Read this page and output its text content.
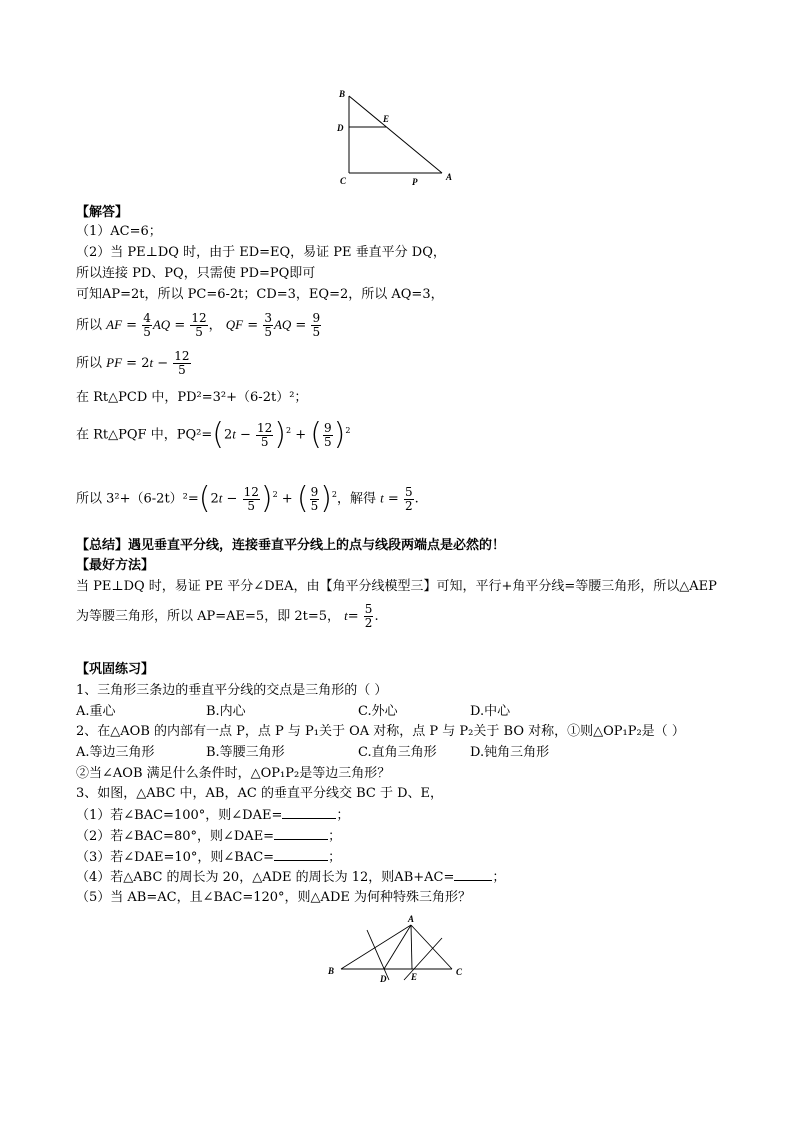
B
D
E
C	P	A
【解答】
（1）AC=6；
（2）当 PE⊥DQ 时，由于 ED=EQ，易证 PE 垂直平分 DQ，
所以连接 PD、PQ，只需使 PD=PQ即可
可知AP=2t，所以 PC=6-2t；CD=3，EQ=2，所以 AQ=3，
所以 AF = $\frac{4}{5}$ AQ = $\frac{12}{5}$ ， QF = $\frac{3}{5}$ AQ = $\frac{9}{5}$
所以 PF = $2t - \frac{12}{5}$
在 Rt△PCD 中，PD²=3²+（6-2t）²；
在 Rt△PQF 中，$PQ^2=(2t - \frac{12}{5} )^2$ + ( $\frac{9}{5} )^2$
所以 $3^2+(6-2t)^2=(2t - \frac{12}{5} )^2$ + ( $\frac{9}{5} )^2$，解得 $t = \frac{5}{2}$ .
【总结】遇见垂直平分线，连接垂直平分线上的点与线段两端点是必然的！
【最好方法】
当 PE⊥DQ 时，易证 PE 平分∠DEA，由【角平分线模型三】可知，平行+角平分线=等腰三角形，所以△AEP
为等腰三角形，所以 AP=AE=5，即 2t=5， $t= \frac{5}{2}$ .
【巩固练习】
1、三角形三条边的垂直平分线的交点是三角形的（ ）
A.重心	B.内心	C.外心	D.中心
2、在△AOB 的内部有一点 P，点 P 与 P₁关于 OA 对称，点 P 与 P₂关于 BO 对称，①则△OP₁P₂是（ ）
A.等边三角形	B.等腰三角形	C.直角三角形	D.钝角三角形
②当∠AOB 满足什么条件时，△OP₁P₂是等边三角形？
3、如图，△ABC 中，AB，AC 的垂直平分线交 BC 于 D、E，
（1）若∠BAC=100°，则∠DAE=	；
（2）若∠BAC=80°，则∠DAE=	；
（3）若∠DAE=10°，则∠BAC=	；
（4）若△ABC 的周长为 20，△ADE 的周长为 12，则AB+AC=	；
（5）当 AB=AC，且∠BAC=120°，则△ADE 为何种特殊三角形？
A
B
D	E	C
